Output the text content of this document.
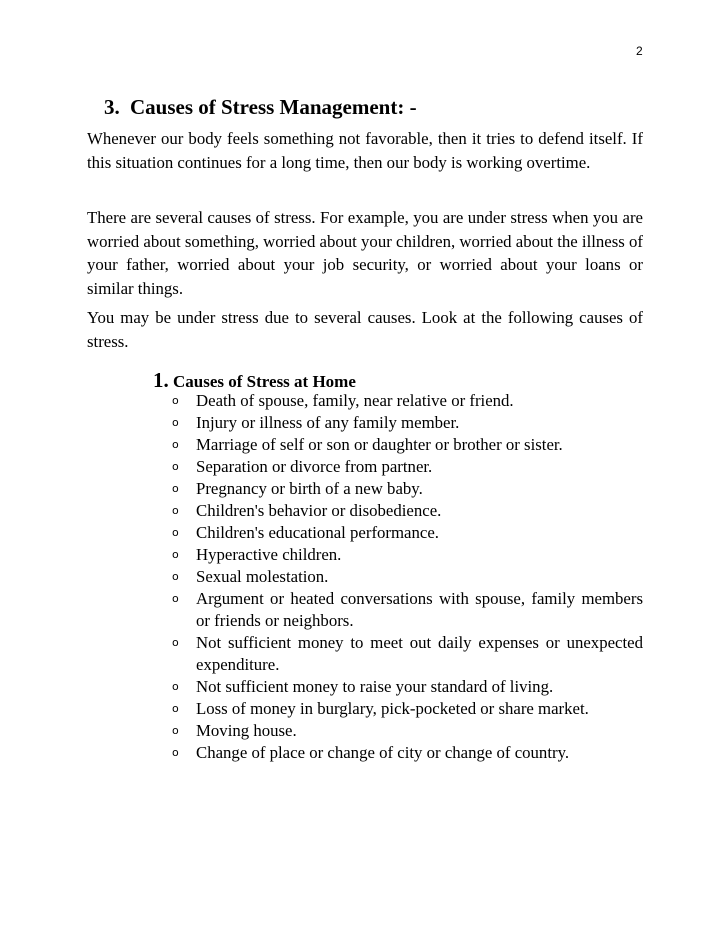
2
3. Causes of Stress Management: -

Whenever our body feels something not favorable, then it tries to defend itself. If this situation continues for a long time, then our body is working overtime.

There are several causes of stress. For example, you are under stress when you are worried about something, worried about your children, worried about the illness of your father, worried about your job security, or worried about your loans or similar things.

You may be under stress due to several causes. Look at the following causes of stress.

1. Causes of Stress at Home
o Death of spouse, family, near relative or friend.
o Injury or illness of any family member.
o Marriage of self or son or daughter or brother or sister.
o Separation or divorce from partner.
o Pregnancy or birth of a new baby.
o Children's behavior or disobedience.
o Children's educational performance.
o Hyperactive children.
o Sexual molestation.
o Argument or heated conversations with spouse, family members or friends or neighbors.
o Not sufficient money to meet out daily expenses or unexpected expenditure.
o Not sufficient money to raise your standard of living.
o Loss of money in burglary, pick-pocketed or share market.
o Moving house.
o Change of place or change of city or change of country.
